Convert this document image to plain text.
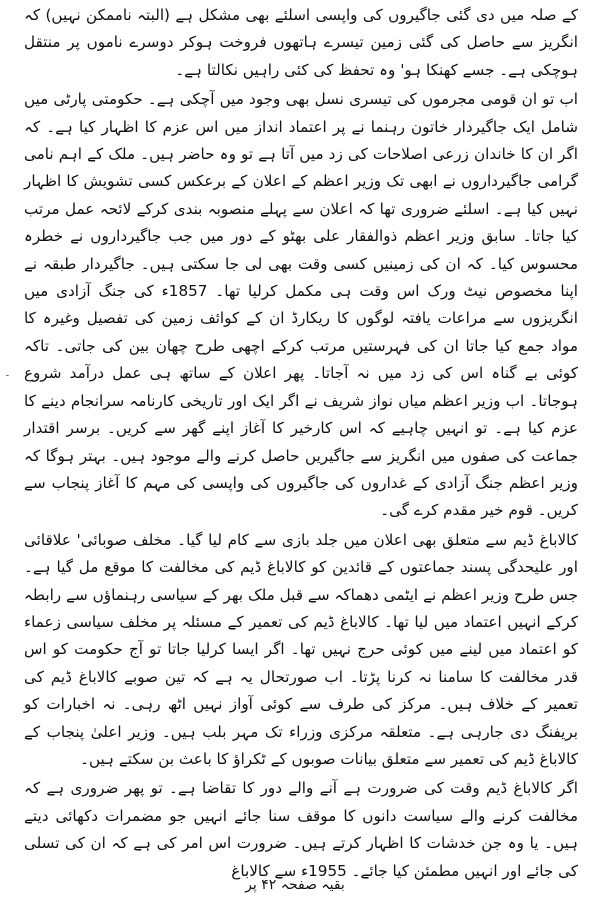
کے صلہ میں دی گئی جاگیروں کی واپسی اسلئے بھی مشکل ہے (البتہ ناممکن نہیں) کہ انگریز سے حاصل کی گئی زمین تیسرے ہاتھوں فروخت ہوکر دوسرے ناموں پر منتقل ہوچکی ہے۔ جسے کھنکا ہو' وہ تحفظ کی کئی راہیں نکالتا ہے۔

اب تو ان قومی مجرموں کی تیسری نسل بھی وجود میں آچکی ہے۔ حکومتی پارٹی میں شامل ایک جاگیردار خاتون رہنما نے پر اعتماد انداز میں اس عزم کا اظہار کیا ہے۔ کہ اگر ان کا خاندان زرعی اصلاحات کی زد میں آتا ہے تو وہ حاضر ہیں۔ ملک کے اہم نامی گرامی جاگیرداروں نے ابھی تک وزیر اعظم کے اعلان کے برعکس کسی تشویش کا اظہار نہیں کیا ہے۔ اسلئے ضروری تھا کہ اعلان سے پہلے منصوبہ بندی کرکے لائحہ عمل مرتب کیا جاتا۔ سابق وزیر اعظم ذوالفقار علی بھٹو کے دور میں جب جاگیرداروں نے خطرہ محسوس کیا۔ کہ ان کی زمینیں کسی وقت بھی لی جا سکتی ہیں۔ جاگیردار طبقہ نے اپنا مخصوص نیٹ ورک اس وقت ہی مکمل کرلیا تھا۔ 1857ء کی جنگ آزادی میں انگریزوں سے مراعات یافتہ لوگوں کا ریکارڈ ان کے کوائف زمین کی تفصیل وغیرہ کا مواد جمع کیا جاتا ان کی فہرستیں مرتب کرکے اچھی طرح چھان بین کی جاتی۔ تاکہ کوئی بے گناہ اس کی زد میں نہ آجاتا۔ پھر اعلان کے ساتھ ہی عمل درآمد شروع ہوجاتا۔ اب وزیر اعظم میاں نواز شریف نے اگر ایک اور تاریخی کارنامہ سرانجام دینے کا عزم کیا ہے۔ تو انہیں چاہیے کہ اس کارخیر کا آغاز اپنے گھر سے کریں۔ برسر اقتدار جماعت کی صفوں میں انگریز سے جاگیریں حاصل کرنے والے موجود ہیں۔ بہتر ہوگا کہ وزیر اعظم جنگ آزادی کے غداروں کی جاگیروں کی واپسی کی مہم کا آغاز پنجاب سے کریں۔ قوم خیر مقدم کرے گی۔

کالاباغ ڈیم سے متعلق بھی اعلان میں جلد بازی سے کام لیا گیا۔ مخلف صوبائی' علاقائی اور علیحدگی پسند جماعتوں کے قائدین کو کالاباغ ڈیم کی مخالفت کا موقع مل گیا ہے۔ جس طرح وزیر اعظم نے ایٹمی دھماکہ سے قبل ملک بھر کے سیاسی رہنماؤں سے رابطہ کرکے انہیں اعتماد میں لیا تھا۔ کالاباغ ڈیم کی تعمیر کے مسئلہ پر مخلف سیاسی زعماء کو اعتماد میں لینے میں کوئی حرج نہیں تھا۔ اگر ایسا کرلیا جاتا تو آج حکومت کو اس قدر مخالفت کا سامنا نہ کرنا پڑتا۔ اب صورتحال یہ ہے کہ تین صوبے کالاباغ ڈیم کی تعمیر کے خلاف ہیں۔ مرکز کی طرف سے کوئی آواز نہیں اٹھ رہی۔ نہ اخبارات کو بریفنگ دی جارہی ہے۔ متعلقہ مرکزی وزراء تک مہر بلب ہیں۔ وزیر اعلیٰ پنجاب کے کالاباغ ڈیم کی تعمیر سے متعلق بیانات صوبوں کے ٹکراؤ کا باعث بن سکتے ہیں۔

اگر کالاباغ ڈیم وقت کی ضرورت ہے آنے والے دور کا تقاضا ہے۔ تو پھر ضروری ہے کہ مخالفت کرنے والے سیاست دانوں کا موقف سنا جائے انہیں جو مضمرات دکھائی دیتے ہیں۔ یا وہ جن خدشات کا اظہار کرتے ہیں۔ ضرورت اس امر کی ہے کہ ان کی تسلی کی جائے اور انہیں مطمئن کیا جائے۔ 1955ء سے کالاباغ

ـ
بقیہ صفحہ ۴۲ پر
